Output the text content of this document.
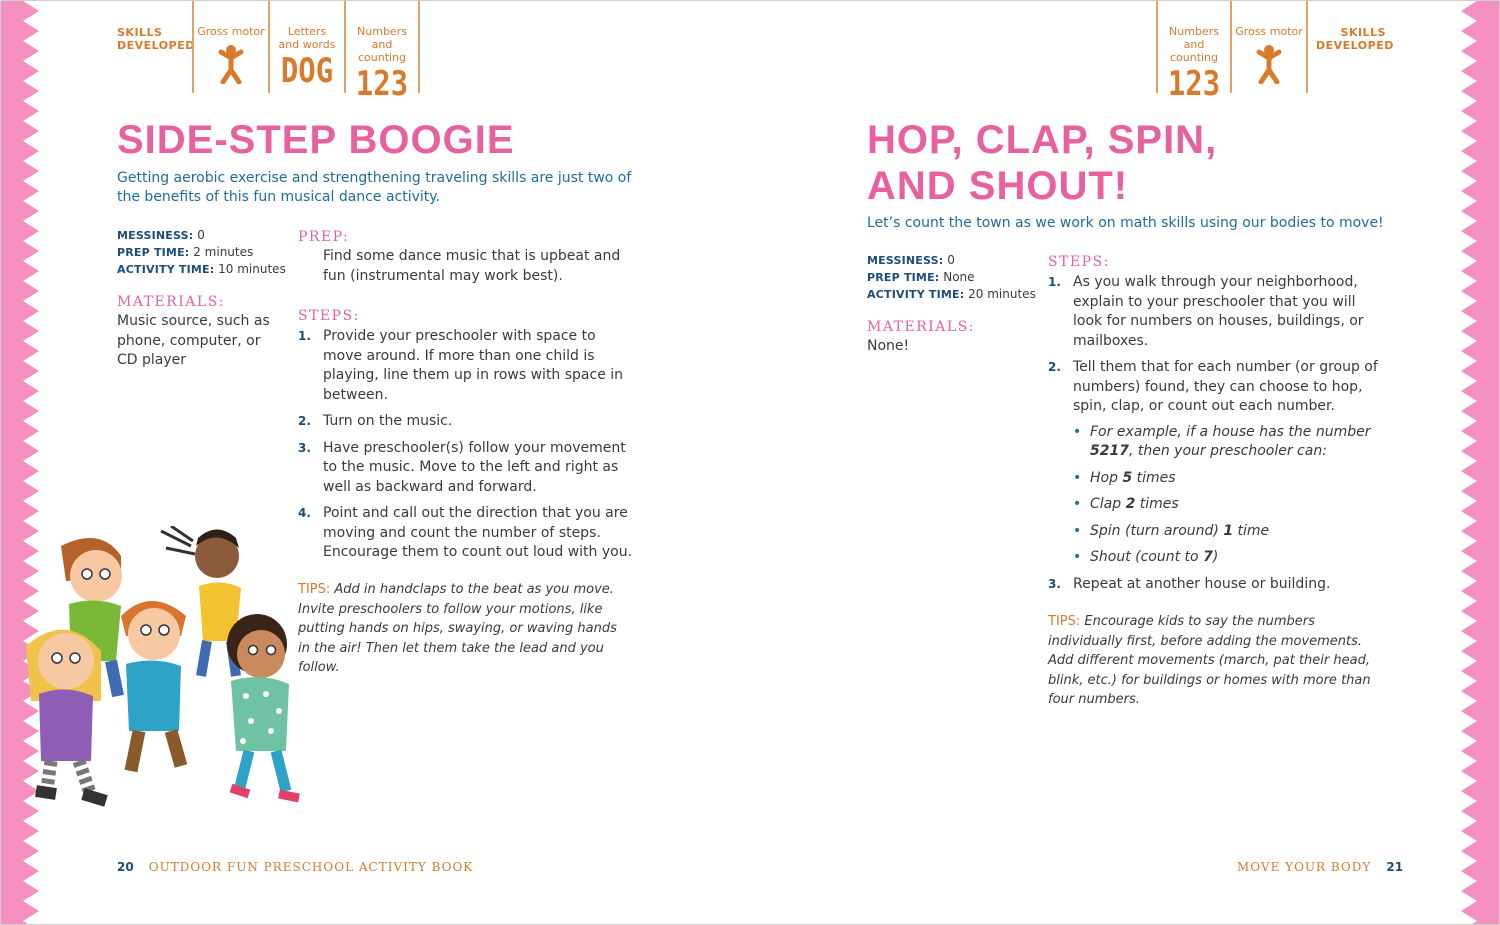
SKILLS
DEVELOPED
Gross motor	Letters
and words
DOG
Numbers
and counting
123
SIDE-STEP BOOGIE
Getting aerobic exercise and strengthening traveling skills are just two of the benefits of this fun musical dance activity.
MESSINESS: 0
PREP TIME: 2 minutes
ACTIVITY TIME: 10 minutes
MATERIALS:
Music source, such as phone, computer, or CD player
PREP:
Find some dance music that is upbeat and fun (instrumental may work best).
STEPS:
1. Provide your preschooler with space to move around. If more than one child is playing, line them up in rows with space in between.
2. Turn on the music.
3. Have preschooler(s) follow your movement to the music. Move to the left and right as well as backward and forward.
4. Point and call out the direction that you are moving and count the number of steps. Encourage them to count out loud with you.
TIPS: Add in handclaps to the beat as you move. Invite preschoolers to follow your motions, like putting hands on hips, swaying, or waving hands in the air! Then let them take the lead and you follow.
20 OUTDOOR FUN PRESCHOOL ACTIVITY BOOK
Numbers
and counting
123
Gross motor	SKILLS
DEVELOPED
HOP, CLAP, SPIN,
AND SHOUT!
Let’s count the town as we work on math skills using our bodies to move!
MESSINESS: 0
PREP TIME: None
ACTIVITY TIME: 20 minutes
MATERIALS:
None!
STEPS:
1. As you walk through your neighborhood, explain to your preschooler that you will look for numbers on houses, buildings, or mailboxes.
2. Tell them that for each number (or group of numbers) found, they can choose to hop, spin, clap, or count out each number.
• For example, if a house has the number 5217, then your preschooler can:
• Hop 5 times
• Clap 2 times
• Spin (turn around) 1 time
• Shout (count to 7)
3. Repeat at another house or building.
TIPS: Encourage kids to say the numbers individually first, before adding the movements. Add different movements (march, pat their head, blink, etc.) for buildings or homes with more than four numbers.
MOVE YOUR BODY 21
